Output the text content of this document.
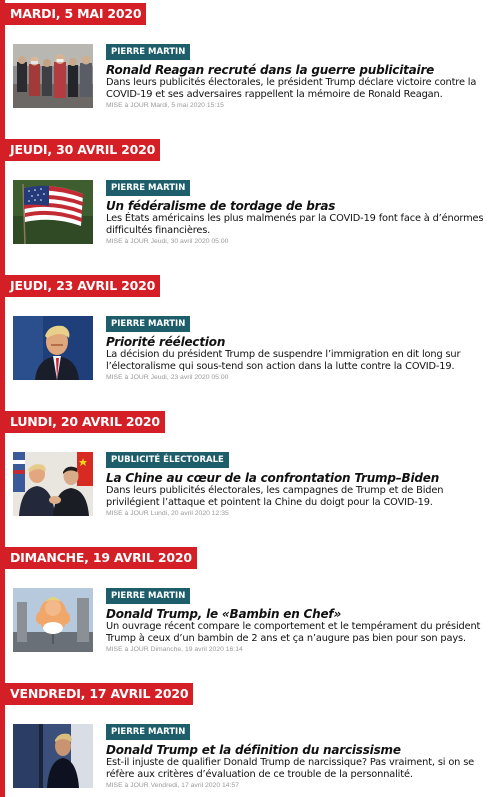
MARDI, 5 MAI 2020
PIERRE MARTIN
Ronald Reagan recruté dans la guerre publicitaire
Dans leurs publicités électorales, le président Trump déclare victoire contre la COVID-19 et ses adversaires rappellent la mémoire de Ronald Reagan.
MISE à JOUR Mardi, 5 mai 2020 15:15
JEUDI, 30 AVRIL 2020
PIERRE MARTIN
Un fédéralisme de tordage de bras
Les États américains les plus malmenés par la COVID-19 font face à d’énormes difficultés financières.
MISE à JOUR Jeudi, 30 avril 2020 05:00
JEUDI, 23 AVRIL 2020
PIERRE MARTIN
Priorité réélection
La décision du président Trump de suspendre l’immigration en dit long sur l’électoralisme qui sous-tend son action dans la lutte contre la COVID-19.
MISE à JOUR Jeudi, 23 avril 2020 05:00
LUNDI, 20 AVRIL 2020
PUBLICITÉ ÉLECTORALE
La Chine au cœur de la confrontation Trump–Biden
Dans leurs publicités électorales, les campagnes de Trump et de Biden privilégient l’attaque et pointent la Chine du doigt pour la COVID-19.
MISE à JOUR Lundi, 20 avril 2020 12:35
DIMANCHE, 19 AVRIL 2020
PIERRE MARTIN
Donald Trump, le «Bambin en Chef»
Un ouvrage récent compare le comportement et le tempérament du président Trump à ceux d’un bambin de 2 ans et ça n’augure pas bien pour son pays.
MISE à JOUR Dimanche, 19 avril 2020 16:14
VENDREDI, 17 AVRIL 2020
PIERRE MARTIN
Donald Trump et la définition du narcissisme
Est-il injuste de qualifier Donald Trump de narcissique? Pas vraiment, si on se réfère aux critères d’évaluation de ce trouble de la personnalité.
MISE à JOUR Vendredi, 17 avril 2020 14:57
